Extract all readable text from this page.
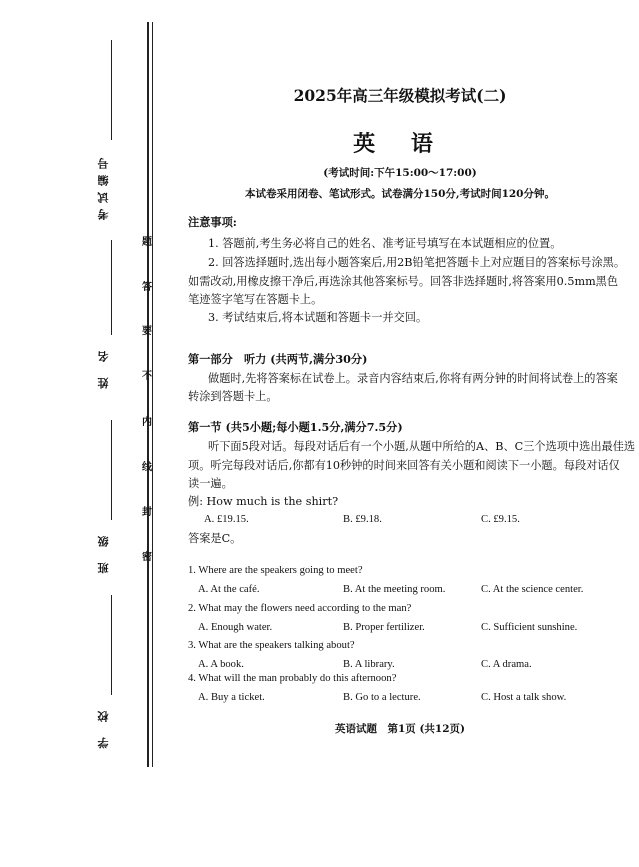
考试编号
姓 名
班 级
学 校
题
答
要
不
内
线
封
密
2025年高三年级模拟考试(二)
英 语
(考试时间:下午15:00～17:00)
本试卷采用闭卷、笔试形式。试卷满分150分,考试时间120分钟。
注意事项:
1. 答题前,考生务必将自己的姓名、准考证号填写在本试题相应的位置。
2. 回答选择题时,选出每小题答案后,用2B铅笔把答题卡上对应题目的答案标号涂黑。
如需改动,用橡皮擦干净后,再选涂其他答案标号。回答非选择题时,将答案用0.5mm黑色
笔迹签字笔写在答题卡上。
3. 考试结束后,将本试题和答题卡一并交回。
第一部分　听力 (共两节,满分30分)
做题时,先将答案标在试卷上。录音内容结束后,你将有两分钟的时间将试卷上的答案
转涂到答题卡上。
第一节 (共5小题;每小题1.5分,满分7.5分)
听下面5段对话。每段对话后有一个小题,从题中所给的A、B、C三个选项中选出最佳选
项。听完每段对话后,你都有10秒钟的时间来回答有关小题和阅读下一小题。每段对话仅
读一遍。
例: How much is the shirt?
A. £19.15.	B. £9.18.	C. £9.15.
答案是C。
1. Where are the speakers going to meet?
A. At the café.	B. At the meeting room.	C. At the science center.
2. What may the flowers need according to the man?
A. Enough water.	B. Proper fertilizer.	C. Sufficient sunshine.
3. What are the speakers talking about?
A. A book.	B. A library.	C. A drama.
4. What will the man probably do this afternoon?
A. Buy a ticket.	B. Go to a lecture.	C. Host a talk show.
英语试题　第1页 (共12页)
